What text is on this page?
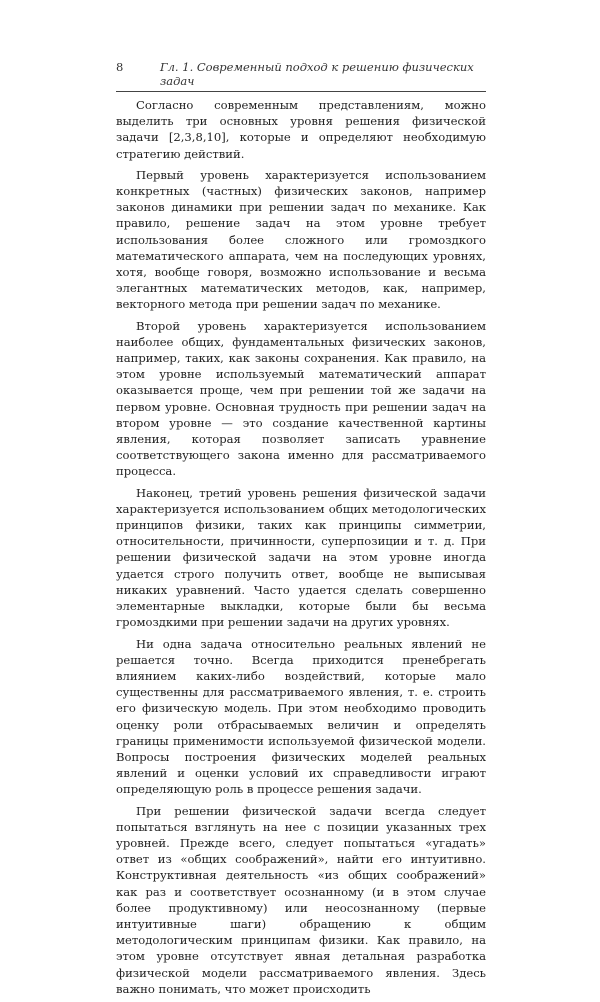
8	Гл. 1. Современный подход к решению физических задач

Согласно современным представлениям, можно выделить три основных уровня решения физической задачи [2,3,8,10], которые и определяют необходимую стратегию действий.

Первый уровень характеризуется использованием конкретных (частных) физических законов, например законов динамики при решении задач по механике. Как правило, решение задач на этом уровне требует использования более сложного или громоздкого математического аппарата, чем на последующих уровнях, хотя, вообще говоря, возможно использование и весьма элегантных математических методов, как, например, векторного метода при решении задач по механике.

Второй уровень характеризуется использованием наиболее общих, фундаментальных физических законов, например, таких, как законы сохранения. Как правило, на этом уровне используемый математический аппарат оказывается проще, чем при решении той же задачи на первом уровне. Основная трудность при решении задач на втором уровне — это создание качественной картины явления, которая позволяет записать уравнение соответствующего закона именно для рассматриваемого процесса.

Наконец, третий уровень решения физической задачи характеризуется использованием общих методологических принципов физики, таких как принципы симметрии, относительности, причинности, суперпозиции и т. д. При решении физической задачи на этом уровне иногда удается строго получить ответ, вообще не выписывая никаких уравнений. Часто удается сделать совершенно элементарные выкладки, которые были бы весьма громоздкими при решении задачи на других уровнях.

Ни одна задача относительно реальных явлений не решается точно. Всегда приходится пренебрегать влиянием каких-либо воздействий, которые мало существенны для рассматриваемого явления, т. е. строить его физическую модель. При этом необходимо проводить оценку роли отбрасываемых величин и определять границы применимости используемой физической модели. Вопросы построения физических моделей реальных явлений и оценки условий их справедливости играют определяющую роль в процессе решения задачи.

При решении физической задачи всегда следует попытаться взглянуть на нее с позиции указанных трех уровней. Прежде всего, следует попытаться «угадать» ответ из «общих соображений», найти его интуитивно. Конструктивная деятельность «из общих соображений» как раз и соответствует осознанному (и в этом случае более продуктивному) или неосознанному (первые интуитивные шаги) обращению к общим методологическим принципам физики. Как правило, на этом уровне отсутствует явная детальная разработка физической модели рассматриваемого явления. Здесь важно понимать, что может происходить
